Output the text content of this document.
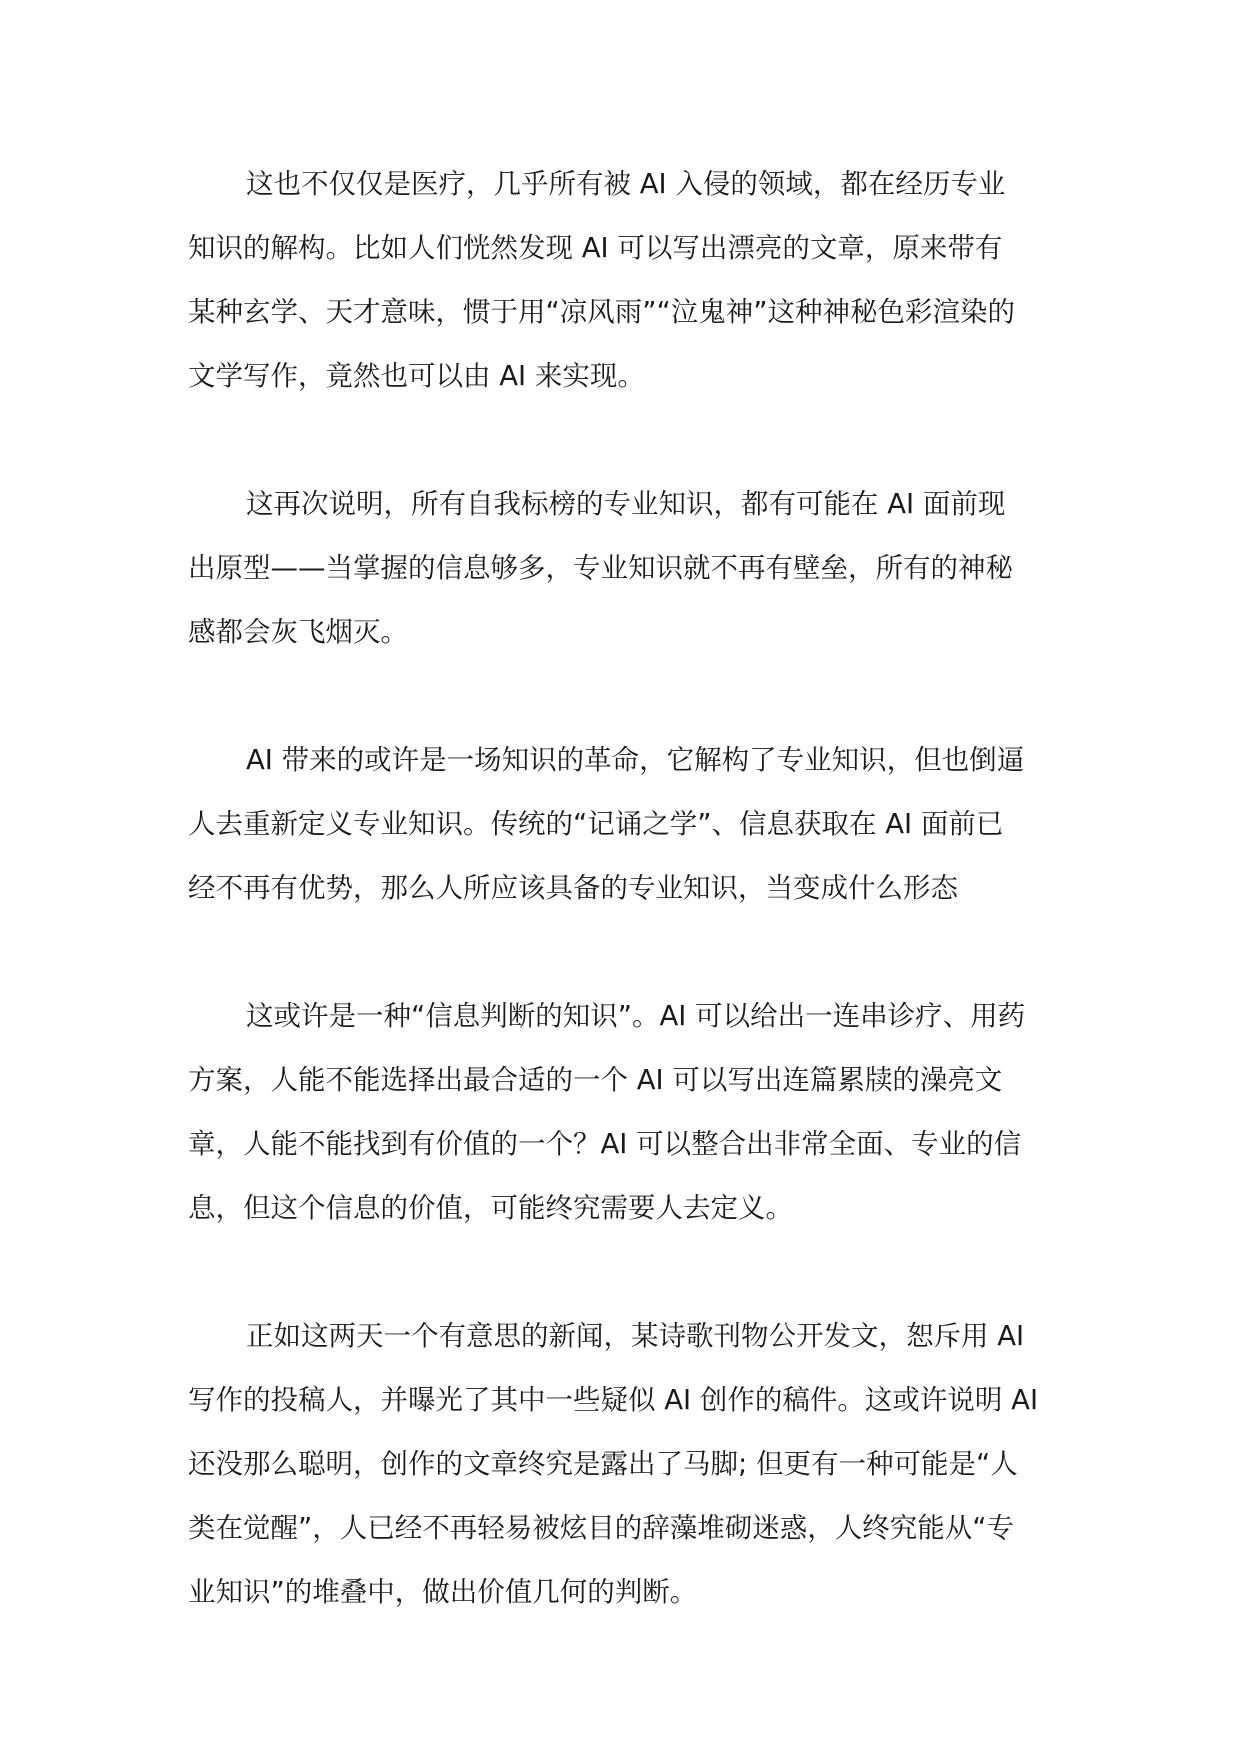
这也不仅仅是医疗，几乎所有被 AI 入侵的领域，都在经历专业
知识的解构。比如人们恍然发现 AI 可以写出漂亮的文章，原来带有
某种玄学、天才意味，惯于用“凉风雨”“泣鬼神”这种神秘色彩渲染的
文学写作，竟然也可以由 AI 来实现。
这再次说明，所有自我标榜的专业知识，都有可能在 AI 面前现
出原型——当掌握的信息够多，专业知识就不再有壁垒，所有的神秘
感都会灰飞烟灭。
AI 带来的或许是一场知识的革命，它解构了专业知识，但也倒逼
人去重新定义专业知识。传统的“记诵之学”、信息获取在 AI 面前已
经不再有优势，那么人所应该具备的专业知识，当变成什么形态
这或许是一种“信息判断的知识”。AI 可以给出一连串诊疗、用药
方案，人能不能选择出最合适的一个 AI 可以写出连篇累牍的澡亮文
章，人能不能找到有价值的一个？AI 可以整合出非常全面、专业的信
息，但这个信息的价值，可能终究需要人去定义。
正如这两天一个有意思的新闻，某诗歌刊物公开发文，恕斥用 AI
写作的投稿人，并曝光了其中一些疑似 AI 创作的稿件。这或许说明 AI
还没那么聪明，创作的文章终究是露出了马脚; 但更有一种可能是“人
类在觉醒”，人已经不再轻易被炫目的辞藻堆砌迷惑，人终究能从“专
业知识”的堆叠中，做出价值几何的判断。
